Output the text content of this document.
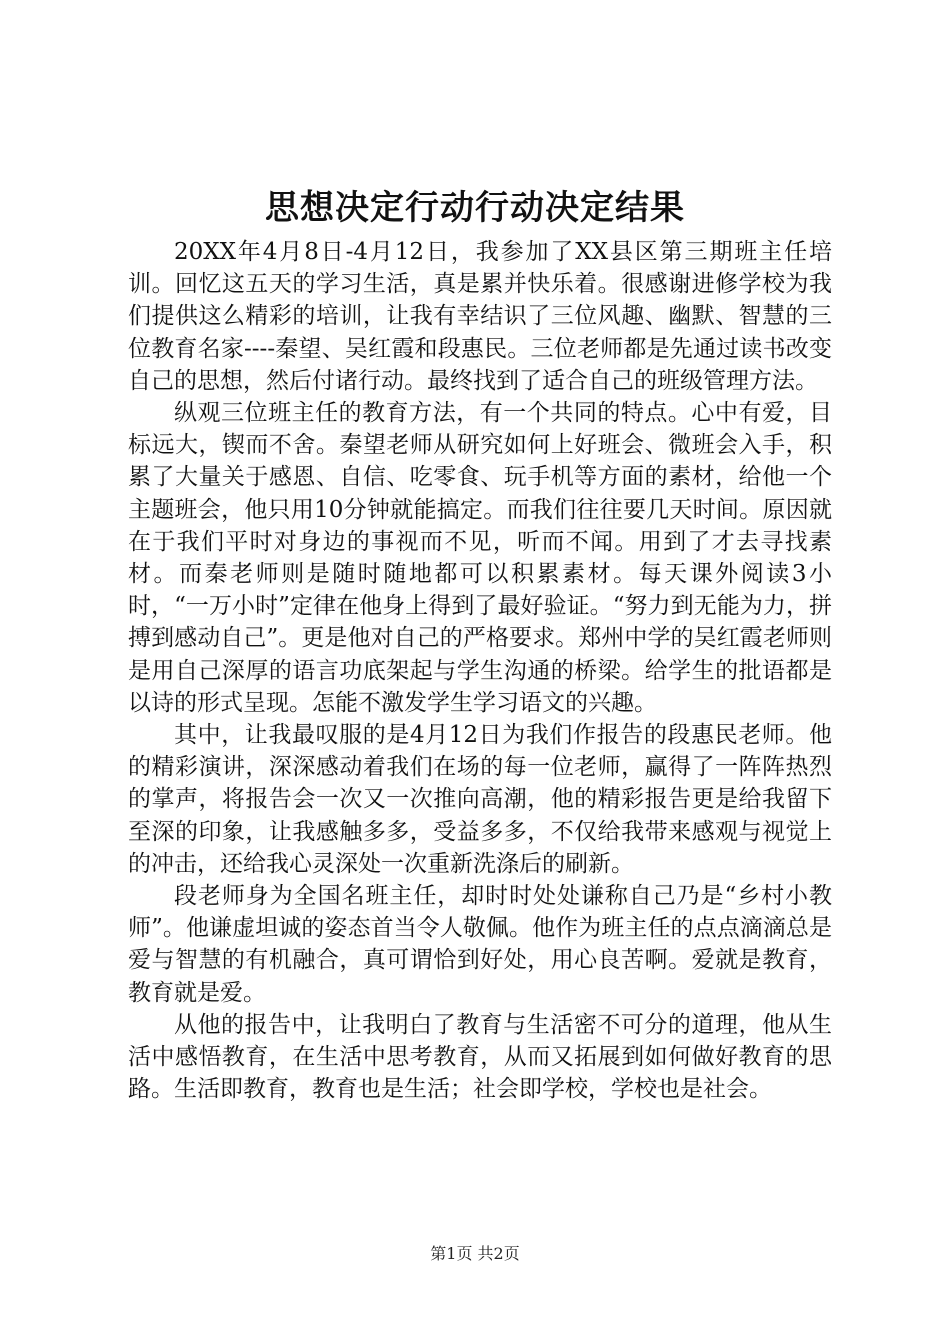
思想决定行动行动决定结果

20XX年4月8日-4月12日，我参加了XX县区第三期班主任培训。回忆这五天的学习生活，真是累并快乐着。很感谢进修学校为我们提供这么精彩的培训，让我有幸结识了三位风趣、幽默、智慧的三位教育名家----秦望、吴红霞和段惠民。三位老师都是先通过读书改变自己的思想，然后付诸行动。最终找到了适合自己的班级管理方法。

纵观三位班主任的教育方法，有一个共同的特点。心中有爱，目标远大，锲而不舍。秦望老师从研究如何上好班会、微班会入手，积累了大量关于感恩、自信、吃零食、玩手机等方面的素材，给他一个主题班会，他只用10分钟就能搞定。而我们往往要几天时间。原因就在于我们平时对身边的事视而不见，听而不闻。用到了才去寻找素材。而秦老师则是随时随地都可以积累素材。每天课外阅读3小时，“一万小时”定律在他身上得到了最好验证。“努力到无能为力，拼搏到感动自己”。更是他对自己的严格要求。郑州中学的吴红霞老师则是用自己深厚的语言功底架起与学生沟通的桥梁。给学生的批语都是以诗的形式呈现。怎能不激发学生学习语文的兴趣。

其中，让我最叹服的是4月12日为我们作报告的段惠民老师。他的精彩演讲，深深感动着我们在场的每一位老师，赢得了一阵阵热烈的掌声，将报告会一次又一次推向高潮，他的精彩报告更是给我留下至深的印象，让我感触多多，受益多多，不仅给我带来感观与视觉上的冲击，还给我心灵深处一次重新洗涤后的刷新。

段老师身为全国名班主任，却时时处处谦称自己乃是“乡村小教师”。他谦虚坦诚的姿态首当令人敬佩。他作为班主任的点点滴滴总是爱与智慧的有机融合，真可谓恰到好处，用心良苦啊。爱就是教育，教育就是爱。

从他的报告中，让我明白了教育与生活密不可分的道理，他从生活中感悟教育，在生活中思考教育，从而又拓展到如何做好教育的思路。生活即教育，教育也是生活；社会即学校，学校也是社会。

第1页 共2页
